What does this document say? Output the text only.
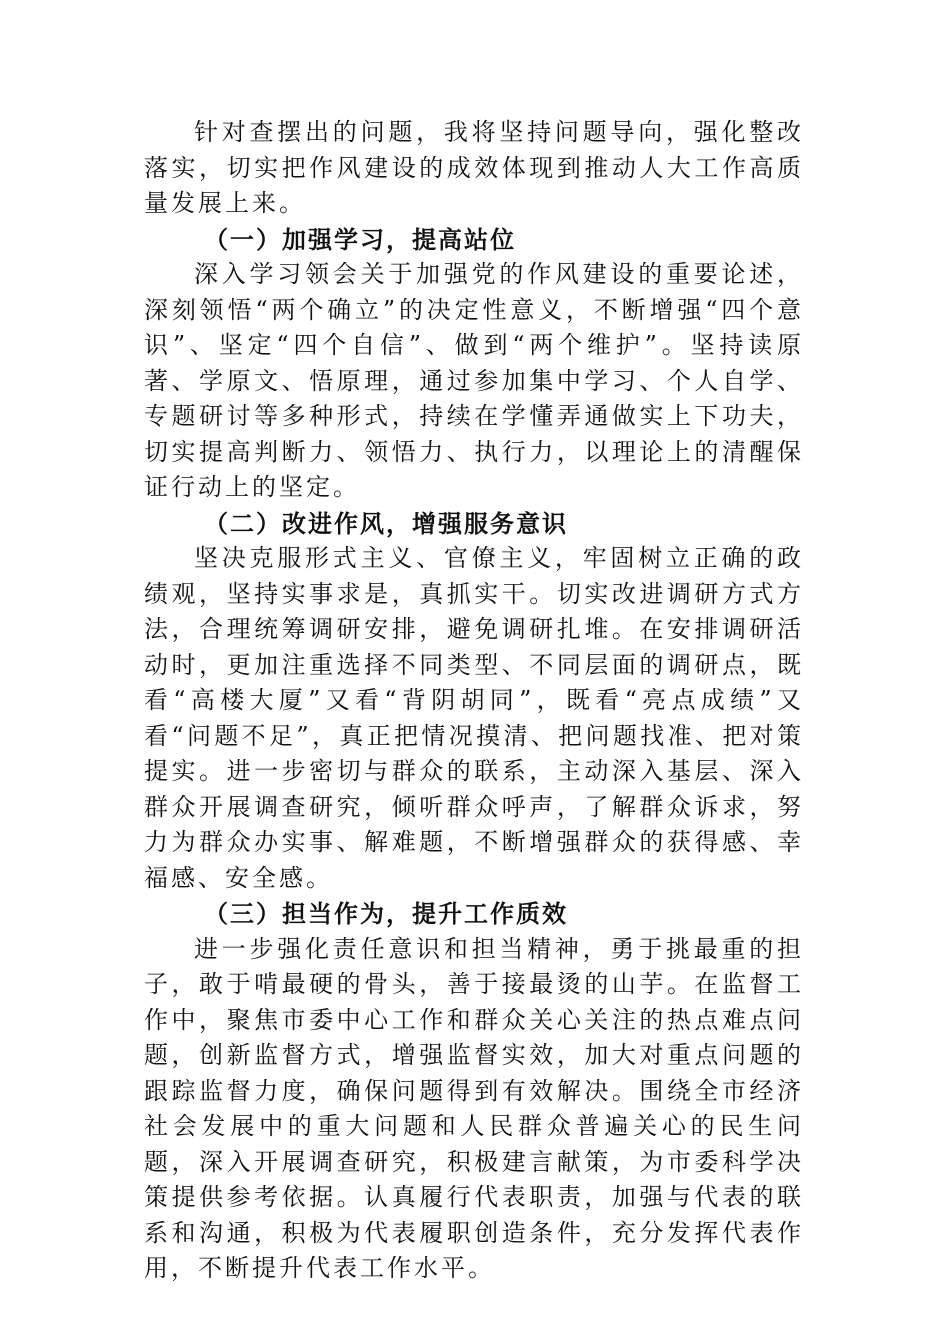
针对查摆出的问题，我将坚持问题导向，强化整改落实，切实把作风建设的成效体现到推动人大工作高质量发展上来。

（一）加强学习，提高站位

深入学习领会关于加强党的作风建设的重要论述，深刻领悟“两个确立”的决定性意义，不断增强“四个意识”、坚定“四个自信”、做到“两个维护”。坚持读原著、学原文、悟原理，通过参加集中学习、个人自学、专题研讨等多种形式，持续在学懂弄通做实上下功夫，切实提高判断力、领悟力、执行力，以理论上的清醒保证行动上的坚定。

（二）改进作风，增强服务意识

坚决克服形式主义、官僚主义，牢固树立正确的政绩观，坚持实事求是，真抓实干。切实改进调研方式方法，合理统筹调研安排，避免调研扎堆。在安排调研活动时，更加注重选择不同类型、不同层面的调研点，既看“高楼大厦”又看“背阴胡同”，既看“亮点成绩”又看“问题不足”，真正把情况摸清、把问题找准、把对策提实。进一步密切与群众的联系，主动深入基层、深入群众开展调查研究，倾听群众呼声，了解群众诉求，努力为群众办实事、解难题，不断增强群众的获得感、幸福感、安全感。

（三）担当作为，提升工作质效

进一步强化责任意识和担当精神，勇于挑最重的担子，敢于啃最硬的骨头，善于接最烫的山芋。在监督工作中，聚焦市委中心工作和群众关心关注的热点难点问题，创新监督方式，增强监督实效，加大对重点问题的跟踪监督力度，确保问题得到有效解决。围绕全市经济社会发展中的重大问题和人民群众普遍关心的民生问题，深入开展调查研究，积极建言献策，为市委科学决策提供参考依据。认真履行代表职责，加强与代表的联系和沟通，积极为代表履职创造条件，充分发挥代表作用，不断提升代表工作水平。
